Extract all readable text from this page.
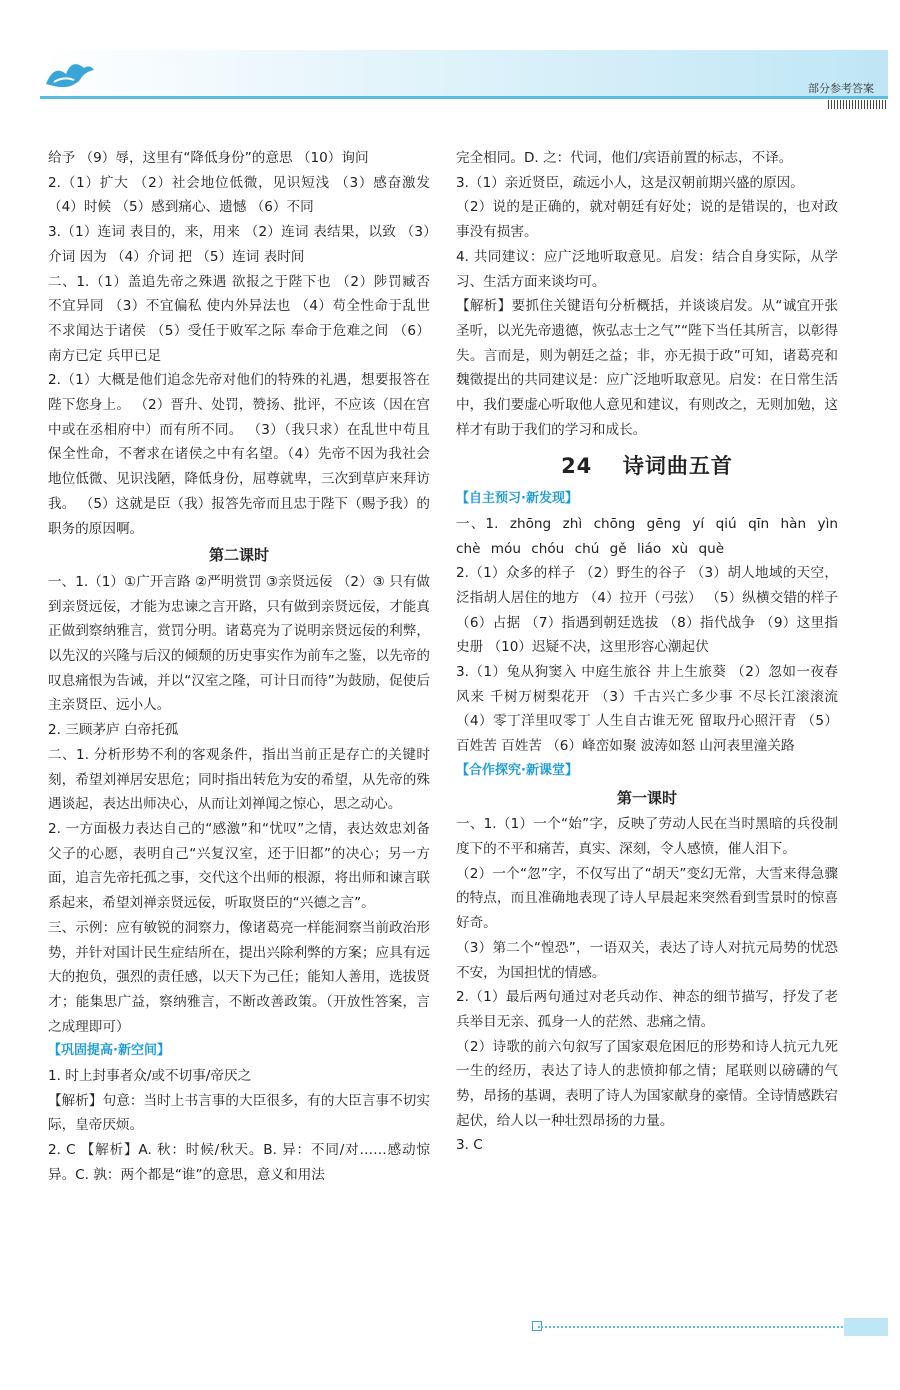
部分参考答案

给予 （9）辱，这里有“降低身份”的意思 （10）询问

2.（1）扩大 （2）社会地位低微，见识短浅 （3）感奋激发 （4）时候 （5）感到痛心、遗憾 （6）不同

3.（1）连词 表目的，来，用来 （2）连词 表结果，以致 （3）介词 因为 （4）介词 把 （5）连词 表时间

二、1.（1）盖追先帝之殊遇 欲报之于陛下也 （2）陟罚臧否 不宜异同 （3）不宜偏私 使内外异法也 （4）苟全性命于乱世 不求闻达于诸侯 （5）受任于败军之际 奉命于危难之间 （6）南方已定 兵甲已足

2.（1）大概是他们追念先帝对他们的特殊的礼遇，想要报答在陛下您身上。 （2）晋升、处罚，赞扬、批评，不应该（因在宫中或在丞相府中）而有所不同。 （3）（我只求）在乱世中苟且保全性命，不奢求在诸侯之中有名望。（4）先帝不因为我社会地位低微、见识浅陋，降低身份，屈尊就卑，三次到草庐来拜访我。 （5）这就是臣（我）报答先帝而且忠于陛下（赐予我）的职务的原因啊。

第二课时

一、1.（1）①广开言路 ②严明赏罚 ③亲贤远佞 （2）③ 只有做到亲贤远佞，才能为忠谏之言开路，只有做到亲贤远佞，才能真正做到察纳雅言，赏罚分明。诸葛亮为了说明亲贤远佞的利弊，以先汉的兴隆与后汉的倾颓的历史事实作为前车之鉴，以先帝的叹息痛恨为告诫，并以“汉室之隆，可计日而待”为鼓励，促使后主亲贤臣、远小人。

2. 三顾茅庐 白帝托孤

二、1. 分析形势不利的客观条件，指出当前正是存亡的关键时刻，希望刘禅居安思危；同时指出转危为安的希望，从先帝的殊遇谈起，表达出师决心，从而让刘禅闻之惊心，思之动心。

2. 一方面极力表达自己的“感激”和“忧叹”之情，表达效忠刘备父子的心愿，表明自己“兴复汉室，还于旧都”的决心；另一方面，追言先帝托孤之事，交代这个出师的根源，将出师和谏言联系起来，希望刘禅亲贤远佞，听取贤臣的“兴德之言”。

三、示例：应有敏锐的洞察力，像诸葛亮一样能洞察当前政治形势，并针对国计民生症结所在，提出兴除利弊的方案；应具有远大的抱负，强烈的责任感，以天下为己任；能知人善用，选拔贤才；能集思广益，察纳雅言，不断改善政策。（开放性答案，言之成理即可）

【巩固提高·新空间】

1. 时上封事者众/或不切事/帝厌之

【解析】句意：当时上书言事的大臣很多，有的大臣言事不切实际，皇帝厌烦。

2. C 【解析】A. 秋：时候/秋天。B. 异：不同/对……感动惊异。C. 孰：两个都是“谁”的意思，意义和用法

完全相同。D. 之：代词，他们/宾语前置的标志，不译。

3.（1）亲近贤臣，疏远小人，这是汉朝前期兴盛的原因。

（2）说的是正确的，就对朝廷有好处；说的是错误的，也对政事没有损害。

4. 共同建议：应广泛地听取意见。启发：结合自身实际，从学习、生活方面来谈均可。

【解析】要抓住关键语句分析概括，并谈谈启发。从“诚宜开张圣听，以光先帝遗德，恢弘志士之气”“陛下当任其所言，以彰得失。言而是，则为朝廷之益；非，亦无损于政”可知，诸葛亮和魏徵提出的共同建议是：应广泛地听取意见。启发：在日常生活中，我们要虚心听取他人意见和建议，有则改之，无则加勉，这样才有助于我们的学习和成长。

24 诗词曲五首
【自主预习·新发现】

一、1. zhōng zhì chōng gēng yí qiú qīn hàn yìn chè móu chóu chú gě liáo xù què

2.（1）众多的样子 （2）野生的谷子 （3）胡人地域的天空，泛指胡人居住的地方 （4）拉开（弓弦） （5）纵横交错的样子 （6）占据 （7）指遇到朝廷选拔 （8）指代战争 （9）这里指史册 （10）迟疑不决，这里形容心潮起伏

3.（1）兔从狗窦入 中庭生旅谷 井上生旅葵 （2）忽如一夜春风来 千树万树梨花开 （3）千古兴亡多少事 不尽长江滚滚流 （4）零丁洋里叹零丁 人生自古谁无死 留取丹心照汗青 （5）百姓苦 百姓苦 （6）峰峦如聚 波涛如怒 山河表里潼关路

【合作探究·新课堂】
第一课时

一、1.（1）一个“始”字，反映了劳动人民在当时黑暗的兵役制度下的不平和痛苦，真实、深刻，令人感愤，催人泪下。

（2）一个“忽”字，不仅写出了“胡天”变幻无常，大雪来得急骤的特点，而且准确地表现了诗人早晨起来突然看到雪景时的惊喜好奇。

（3）第二个“惶恐”，一语双关，表达了诗人对抗元局势的忧恐不安，为国担忧的情感。

2.（1）最后两句通过对老兵动作、神态的细节描写，抒发了老兵举目无亲、孤身一人的茫然、悲痛之情。

（2）诗歌的前六句叙写了国家艰危困厄的形势和诗人抗元九死一生的经历，表达了诗人的悲愤抑郁之情；尾联则以磅礴的气势，昂扬的基调，表明了诗人为国家献身的豪情。全诗情感跌宕起伏，给人以一种壮烈昂扬的力量。

3. C
